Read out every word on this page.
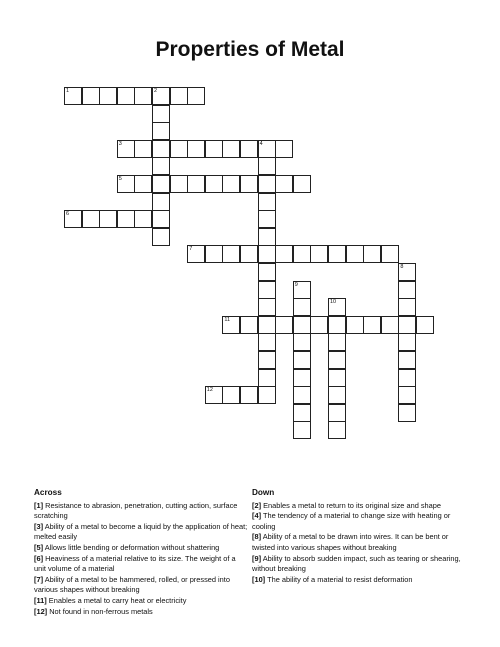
Properties of Metal
1	2
3	4
5
6
7
8
9
10
11
12
Across
[1] Resistance to abrasion, penetration, cutting action, surface scratching
[3] Ability of a metal to become a liquid by the application of heat; melted easily
[5] Allows little bending or deformation without shattering
[6] Heaviness of a material relative to its size. The weight of a unit volume of a material
[7] Ability of a metal to be hammered, rolled, or pressed into various shapes without breaking
[11] Enables a metal to carry heat or electricity
[12] Not found in non-ferrous metals
Down
[2] Enables a metal to return to its original size and shape
[4] The tendency of a material to change size with heating or cooling
[8] Ability of a metal to be drawn into wires. It can be bent or twisted into various shapes without breaking
[9] Ability to absorb sudden impact, such as tearing or shearing, without breaking
[10] The ability of a material to resist deformation
